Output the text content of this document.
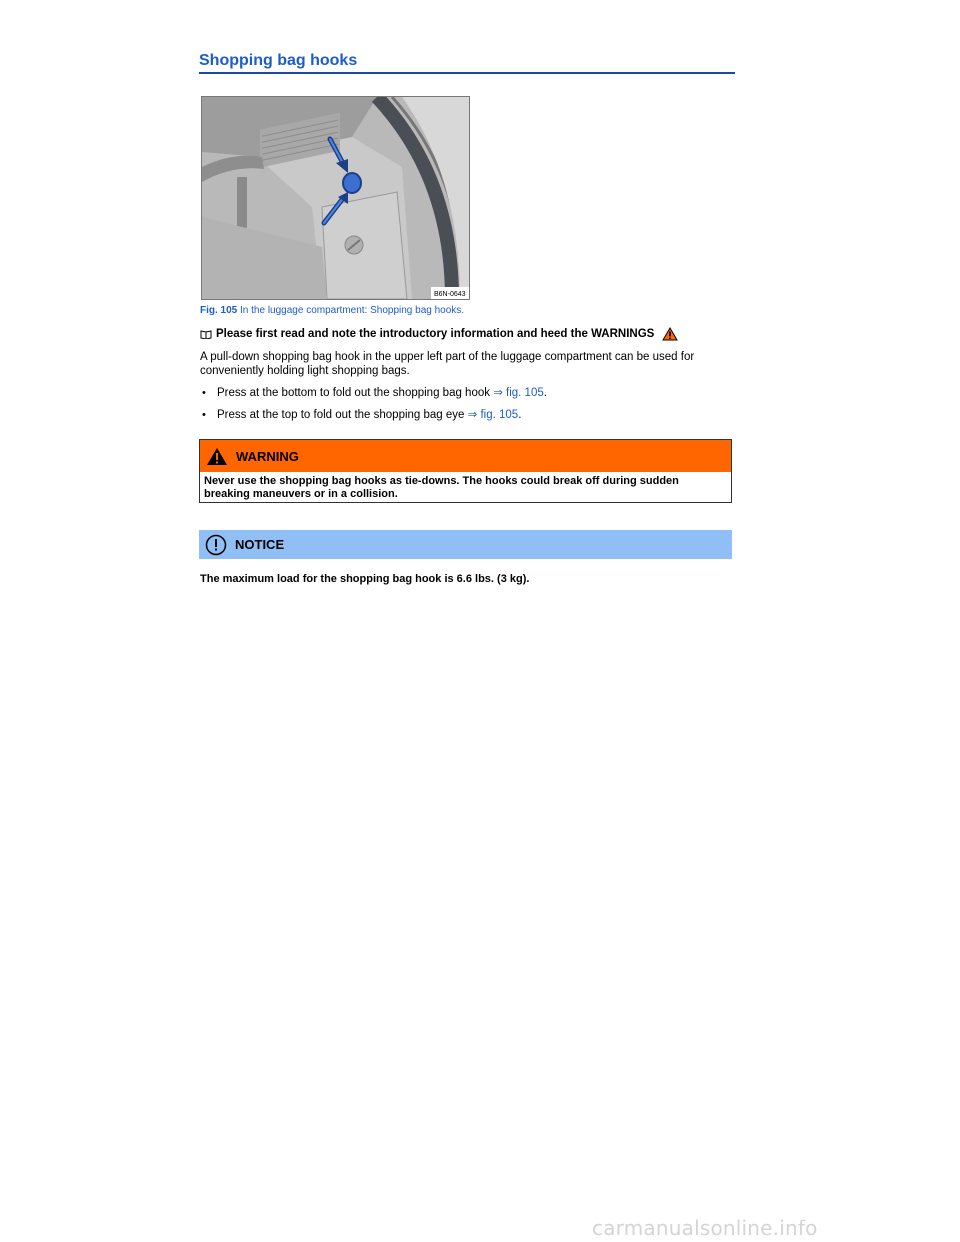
Shopping bag hooks
B6N-0643
Fig. 105 In the luggage compartment: Shopping bag hooks.
Please first read and note the introductory information and heed the WARNINGS
A pull-down shopping bag hook in the upper left part of the luggage compartment can be used for conveniently holding light shopping bags.
• Press at the bottom to fold out the shopping bag hook ⇒ fig. 105.
• Press at the top to fold out the shopping bag eye ⇒ fig. 105.
WARNING
Never use the shopping bag hooks as tie-downs. The hooks could break off during sudden breaking maneuvers or in a collision.
NOTICE
The maximum load for the shopping bag hook is 6.6 lbs. (3 kg).
carmanualsonline.info
